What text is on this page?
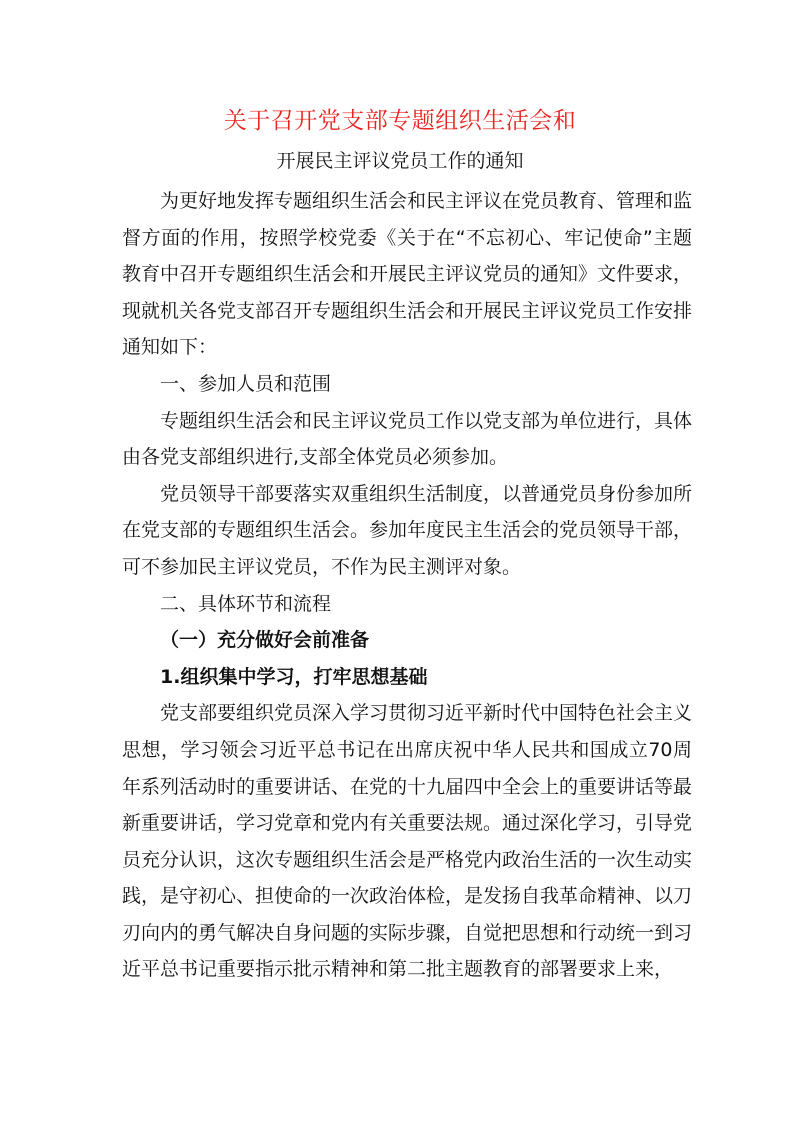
关于召开党支部专题组织生活会和
开展民主评议党员工作的通知

为更好地发挥专题组织生活会和民主评议在党员教育、管理和监督方面的作用，按照学校党委《关于在“不忘初心、牢记使命”主题教育中召开专题组织生活会和开展民主评议党员的通知》文件要求，现就机关各党支部召开专题组织生活会和开展民主评议党员工作安排通知如下：

一、参加人员和范围

专题组织生活会和民主评议党员工作以党支部为单位进行，具体由各党支部组织进行,支部全体党员必须参加。

党员领导干部要落实双重组织生活制度，以普通党员身份参加所在党支部的专题组织生活会。参加年度民主生活会的党员领导干部，可不参加民主评议党员，不作为民主测评对象。

二、具体环节和流程

（一）充分做好会前准备

1.组织集中学习，打牢思想基础

党支部要组织党员深入学习贯彻习近平新时代中国特色社会主义思想，学习领会习近平总书记在出席庆祝中华人民共和国成立70周年系列活动时的重要讲话、在党的十九届四中全会上的重要讲话等最新重要讲话，学习党章和党内有关重要法规。通过深化学习，引导党员充分认识，这次专题组织生活会是严格党内政治生活的一次生动实践，是守初心、担使命的一次政治体检，是发扬自我革命精神、以刀刃向内的勇气解决自身问题的实际步骤，自觉把思想和行动统一到习近平总书记重要指示批示精神和第二批主题教育的部署要求上来，
